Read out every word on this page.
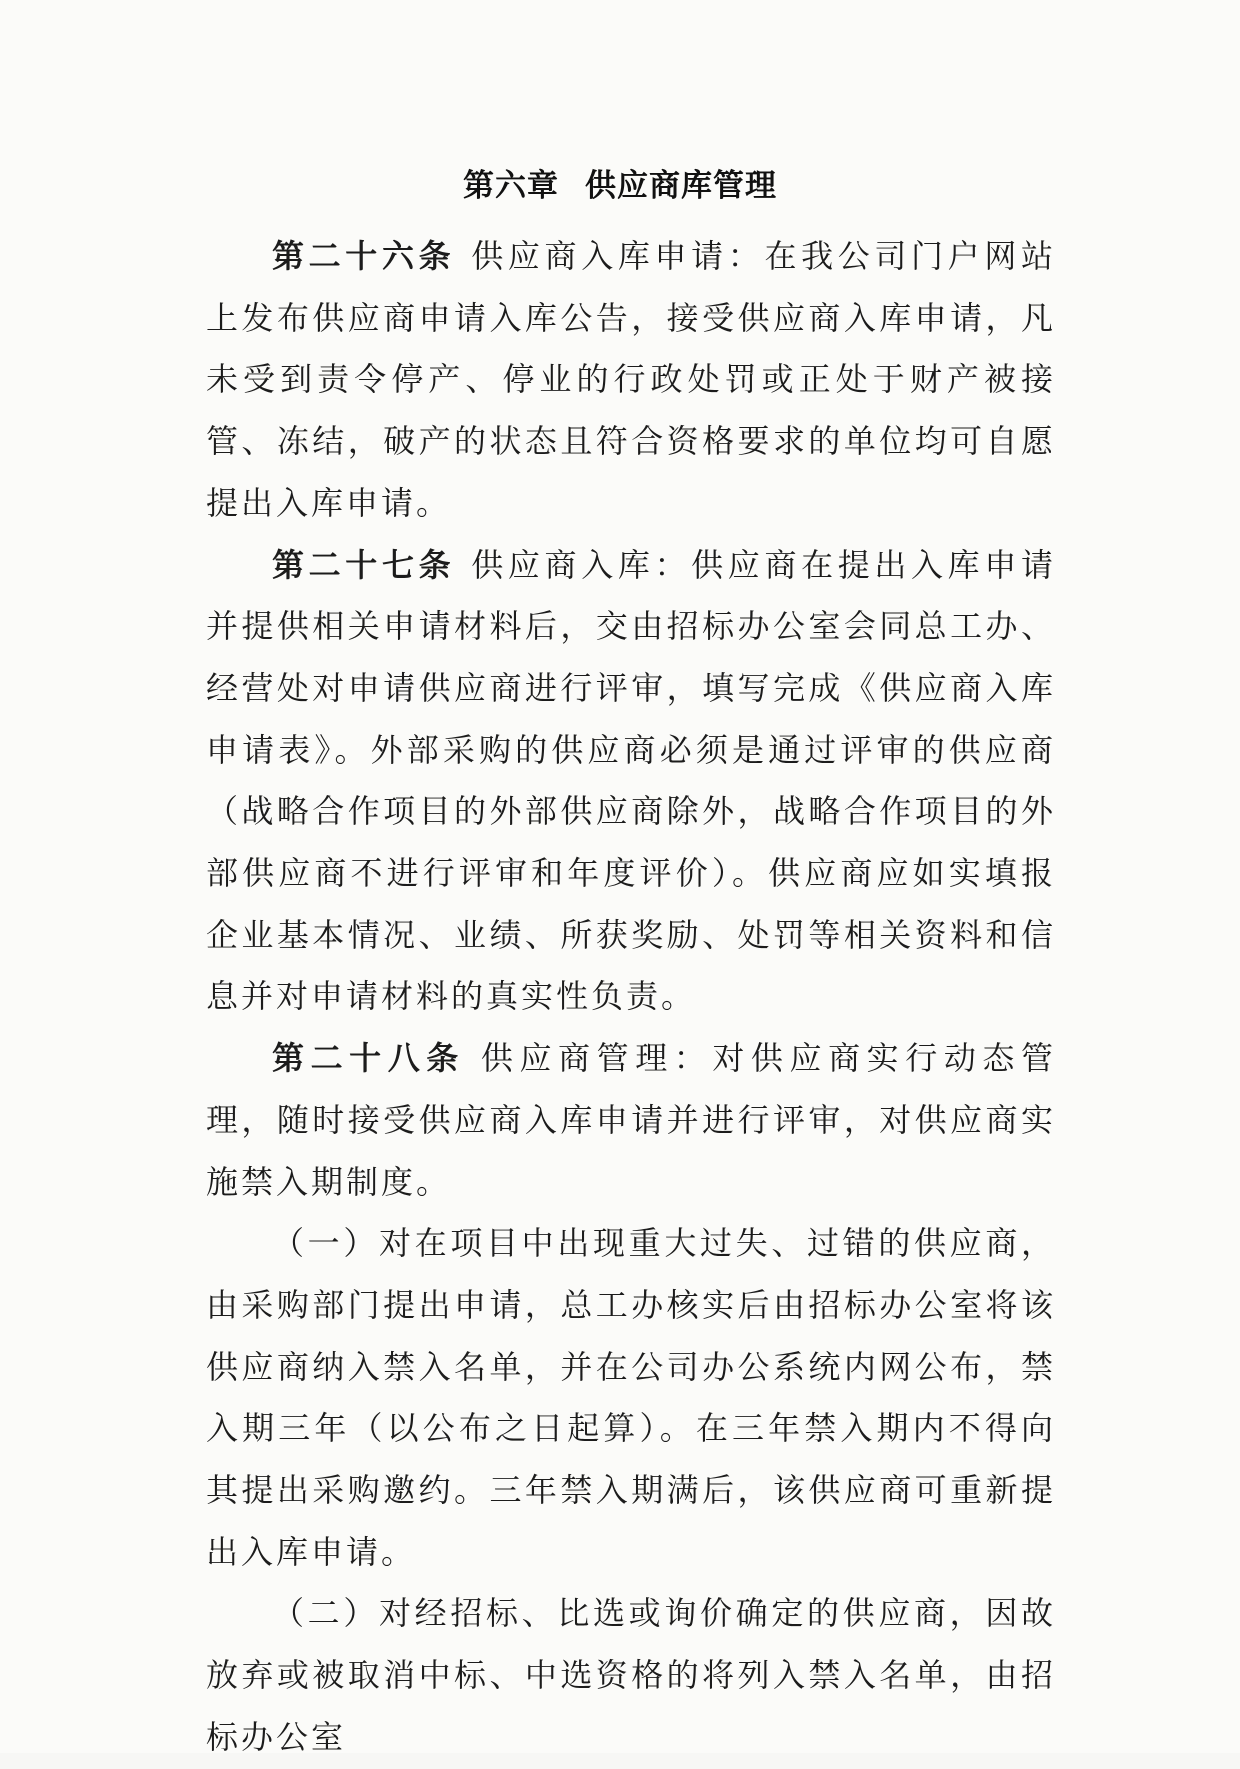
第六章 供应商库管理

第二十六条 供应商入库申请：在我公司门户网站上发布供应商申请入库公告，接受供应商入库申请，凡未受到责令停产、停业的行政处罚或正处于财产被接管、冻结，破产的状态且符合资格要求的单位均可自愿提出入库申请。

第二十七条 供应商入库：供应商在提出入库申请并提供相关申请材料后，交由招标办公室会同总工办、经营处对申请供应商进行评审，填写完成《供应商入库申请表》。外部采购的供应商必须是通过评审的供应商（战略合作项目的外部供应商除外，战略合作项目的外部供应商不进行评审和年度评价）。供应商应如实填报企业基本情况、业绩、所获奖励、处罚等相关资料和信息并对申请材料的真实性负责。

第二十八条 供应商管理：对供应商实行动态管理，随时接受供应商入库申请并进行评审，对供应商实施禁入期制度。

（一）对在项目中出现重大过失、过错的供应商，由采购部门提出申请，总工办核实后由招标办公室将该供应商纳入禁入名单，并在公司办公系统内网公布，禁入期三年（以公布之日起算）。在三年禁入期内不得向其提出采购邀约。三年禁入期满后，该供应商可重新提出入库申请。

（二）对经招标、比选或询价确定的供应商，因故放弃或被取消中标、中选资格的将列入禁入名单，由招标办公室
